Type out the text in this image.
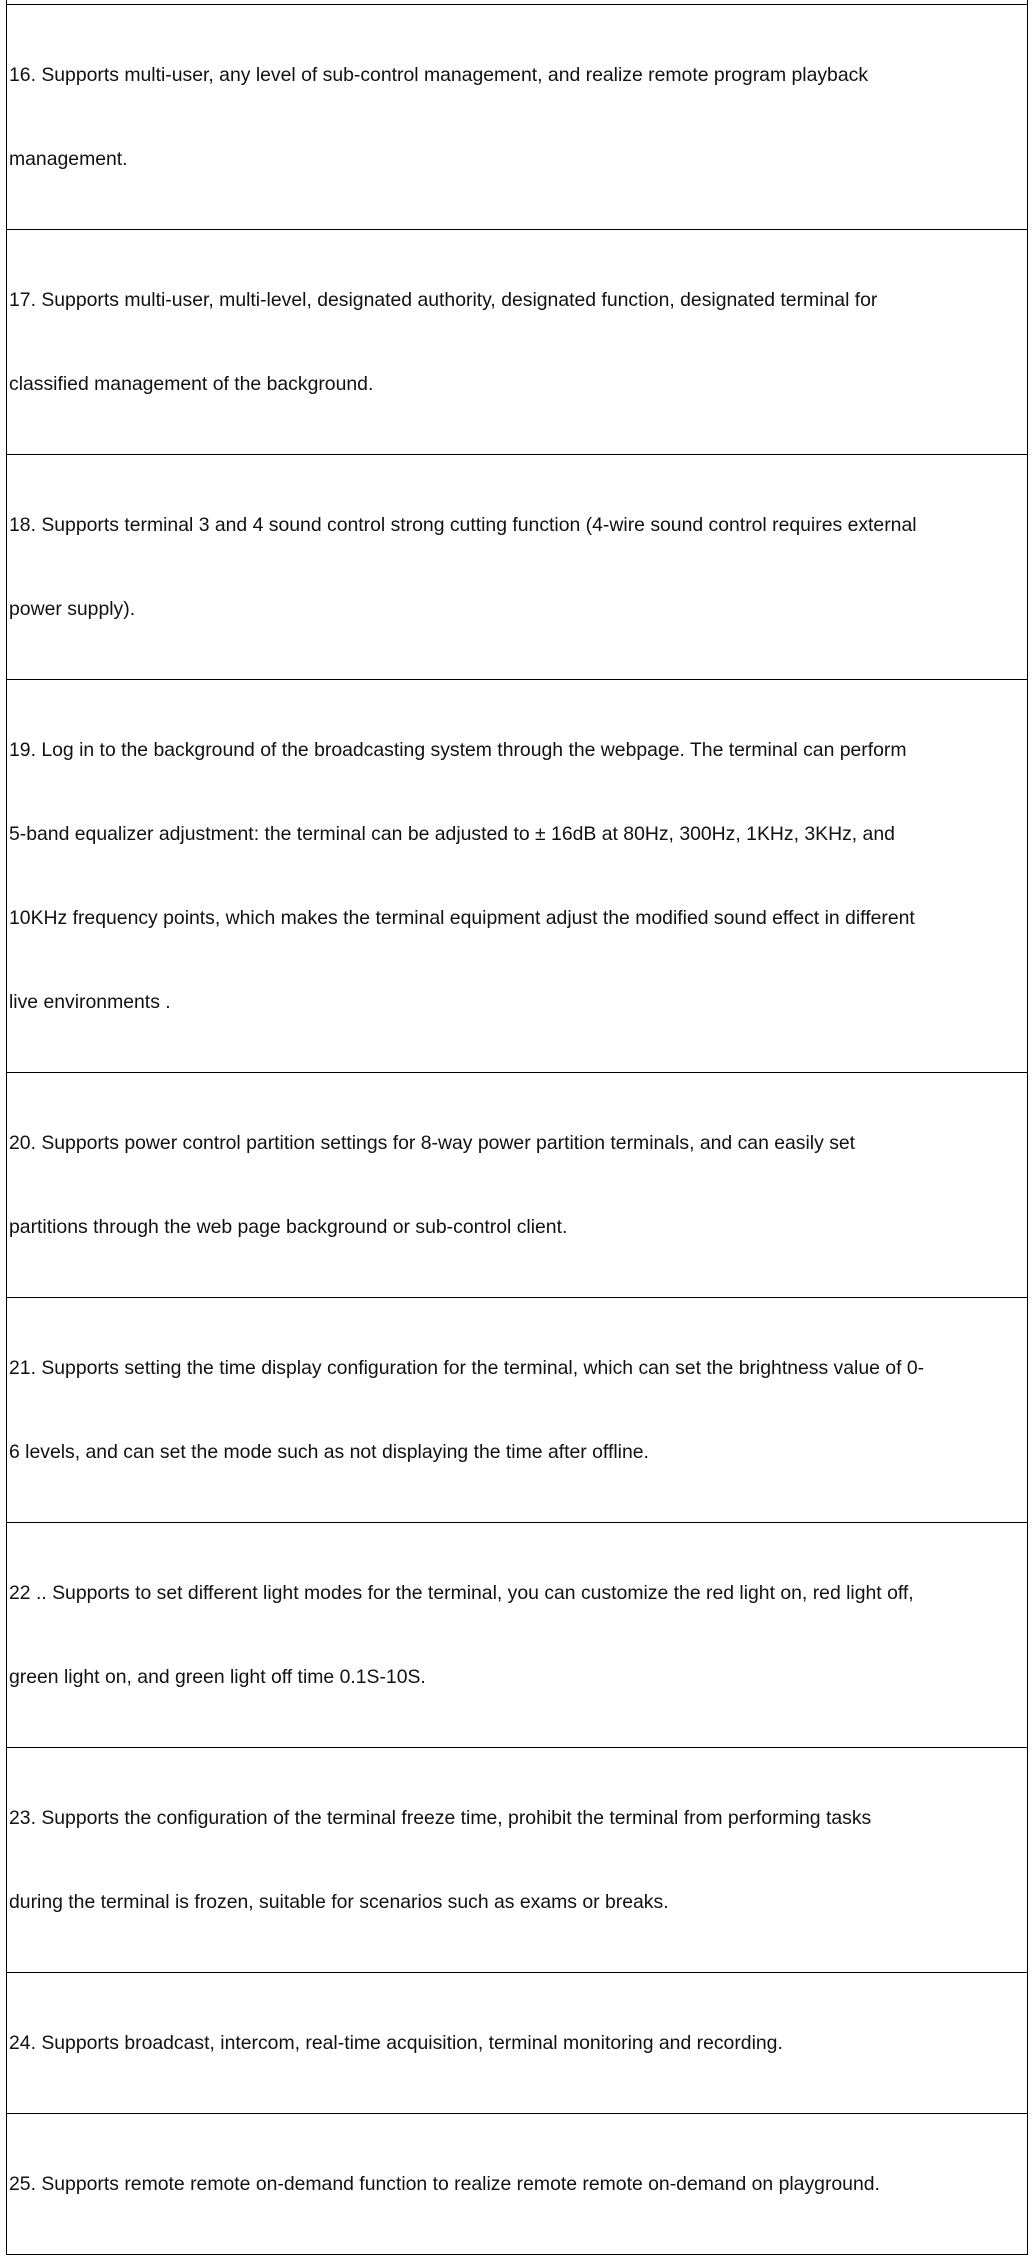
16. Supports multi-user, any level of sub-control management, and realize remote program playback

management.

17. Supports multi-user, multi-level, designated authority, designated function, designated terminal for

classified management of the background.

18. Supports terminal 3 and 4 sound control strong cutting function (4-wire sound control requires external

power supply).

19. Log in to the background of the broadcasting system through the webpage. The terminal can perform

5-band equalizer adjustment: the terminal can be adjusted to ± 16dB at 80Hz, 300Hz, 1KHz, 3KHz, and

10KHz frequency points, which makes the terminal equipment adjust the modified sound effect in different

live environments .

20. Supports power control partition settings for 8-way power partition terminals, and can easily set

partitions through the web page background or sub-control client.

21. Supports setting the time display configuration for the terminal, which can set the brightness value of 0-

6 levels, and can set the mode such as not displaying the time after offline.

22 .. Supports to set different light modes for the terminal, you can customize the red light on, red light off,

green light on, and green light off time 0.1S-10S.

23. Supports the configuration of the terminal freeze time, prohibit the terminal from performing tasks

during the terminal is frozen, suitable for scenarios such as exams or breaks.

24. Supports broadcast, intercom, real-time acquisition, terminal monitoring and recording.

25. Supports remote remote on-demand function to realize remote remote on-demand on playground.
